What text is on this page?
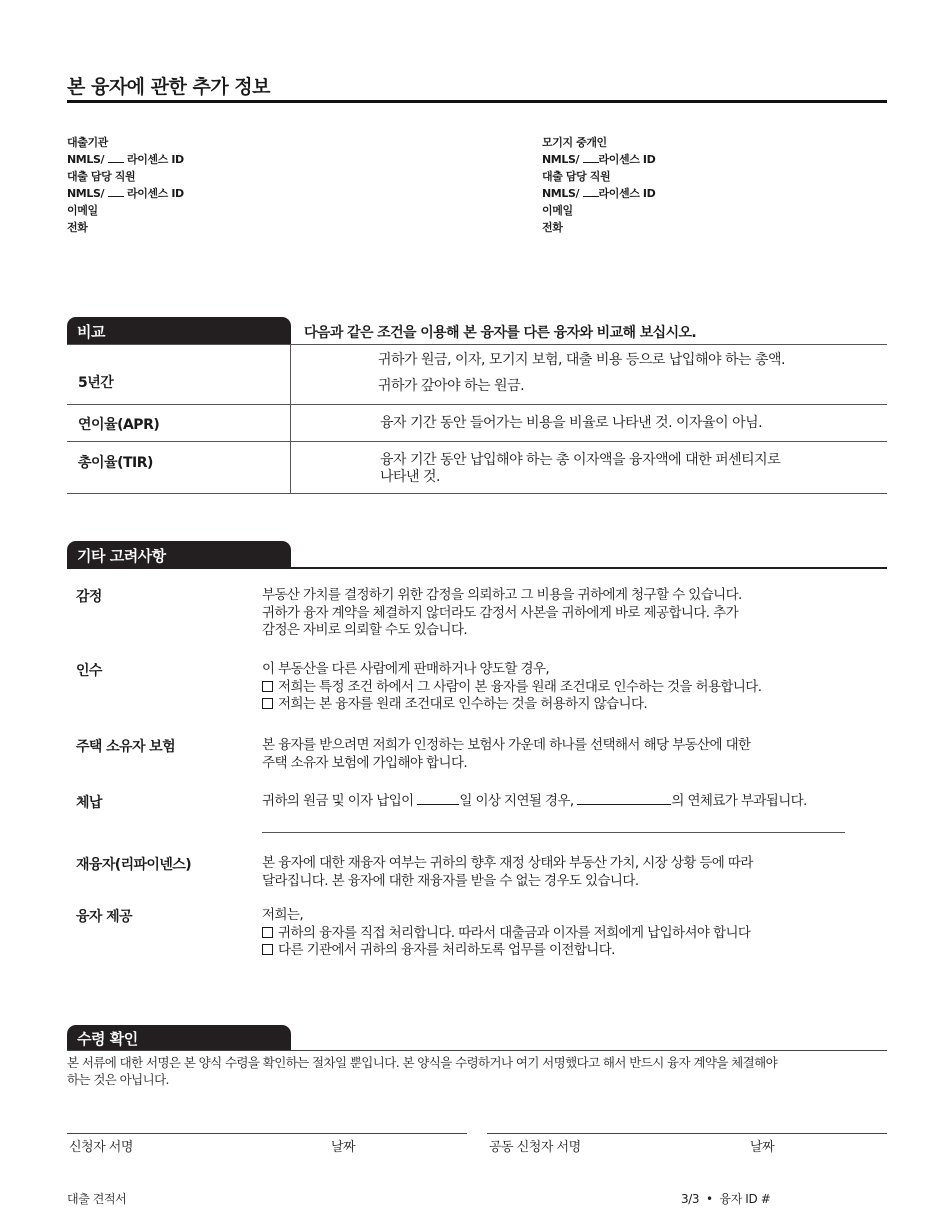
본 융자에 관한 추가 정보
대출기관
NMLS/ 라이센스 ID
대출 담당 직원
NMLS/ 라이센스 ID
이메일
전화
모기지 중개인
NMLS/ 라이센스 ID
대출 담당 직원
NMLS/ 라이센스 ID
이메일
전화
비교	다음과 같은 조건을 이용해 본 융자를 다른 융자와 비교해 보십시오.
5년간
귀하가 원금, 이자, 모기지 보험, 대출 비용 등으로 납입해야 하는 총액.
귀하가 갚아야 하는 원금.
연이율(APR)	융자 기간 동안 들어가는 비용을 비율로 나타낸 것. 이자율이 아님.
총이율(TIR)	융자 기간 동안 납입해야 하는 총 이자액을 융자액에 대한 퍼센티지로
나타낸 것.
기타 고려사항
감정	부동산 가치를 결정하기 위한 감정을 의뢰하고 그 비용을 귀하에게 청구할 수 있습니다.
귀하가 융자 계약을 체결하지 않더라도 감정서 사본을 귀하에게 바로 제공합니다. 추가
감정은 자비로 의뢰할 수도 있습니다.
인수	이 부동산을 다른 사람에게 판매하거나 양도할 경우,
저희는 특정 조건 하에서 그 사람이 본 융자를 원래 조건대로 인수하는 것을 허용합니다.
저희는 본 융자를 원래 조건대로 인수하는 것을 허용하지 않습니다.
주택 소유자 보험	본 융자를 받으려면 저희가 인정하는 보험사 가운데 하나를 선택해서 해당 부동산에 대한
주택 소유자 보험에 가입해야 합니다.
체납	귀하의 원금 및 이자 납입이	일 이상 지연될 경우,	의 연체료가 부과됩니다.
재융자(리파이넨스)	본 융자에 대한 재융자 여부는 귀하의 향후 재정 상태와 부동산 가치, 시장 상황 등에 따라
달라집니다. 본 융자에 대한 재융자를 받을 수 없는 경우도 있습니다.
융자 제공	저희는,
귀하의 융자를 직접 처리합니다. 따라서 대출금과 이자를 저희에게 납입하셔야 합니다
다른 기관에서 귀하의 융자를 처리하도록 업무를 이전합니다.
수령 확인
본 서류에 대한 서명은 본 양식 수령을 확인하는 절차일 뿐입니다. 본 양식을 수령하거나 여기 서명했다고 해서 반드시 융자 계약을 체결해야
하는 것은 아닙니다.
신청자 서명	날짜	공동 신청자 서명	날짜
대출 견적서	3/3 • 융자 ID #
